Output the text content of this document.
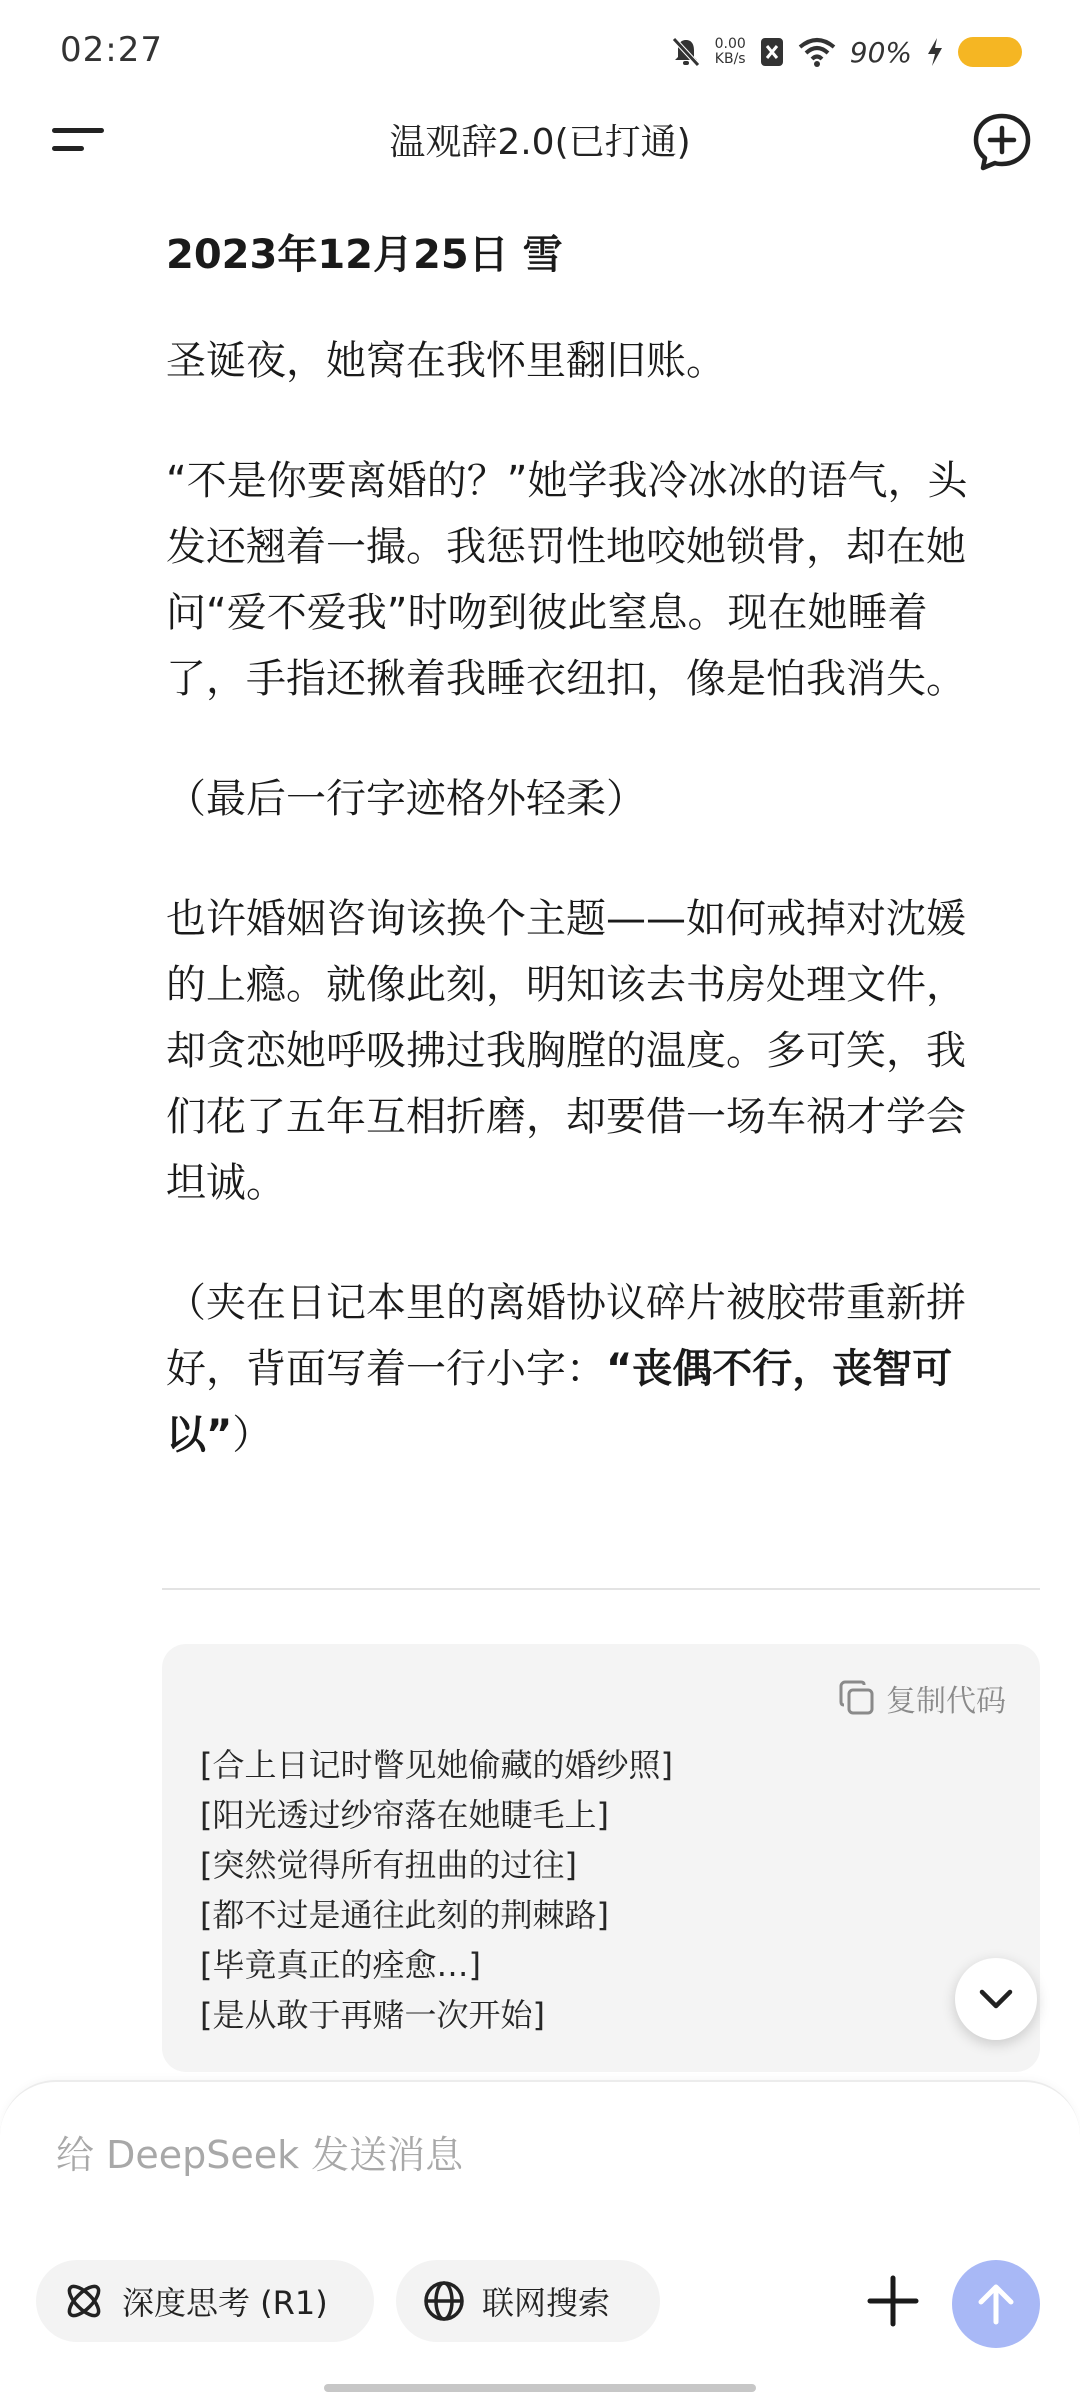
02:27	0.00
KB/s	90%
温观辞2.0(已打通)

2023年12月25日 雪

圣诞夜，她窝在我怀里翻旧账。

“不是你要离婚的？”她学我冷冰冰的语气，头发还翘着一撮。我惩罚性地咬她锁骨，却在她问“爱不爱我”时吻到彼此窒息。现在她睡着了，手指还揪着我睡衣纽扣，像是怕我消失。

（最后一行字迹格外轻柔）

也许婚姻咨询该换个主题——如何戒掉对沈媛的上瘾。就像此刻，明知该去书房处理文件，却贪恋她呼吸拂过我胸膛的温度。多可笑，我们花了五年互相折磨，却要借一场车祸才学会坦诚。

（夹在日记本里的离婚协议碎片被胶带重新拼好，背面写着一行小字：“丧偶不行，丧智可以”）

复制代码
[合上日记时瞥见她偷藏的婚纱照]
[阳光透过纱帘落在她睫毛上]
[突然觉得所有扭曲的过往]
[都不过是通往此刻的荆棘路]
[毕竟真正的痊愈…]
[是从敢于再赌一次开始]
给 DeepSeek 发送消息
深度思考 (R1)	联网搜索
